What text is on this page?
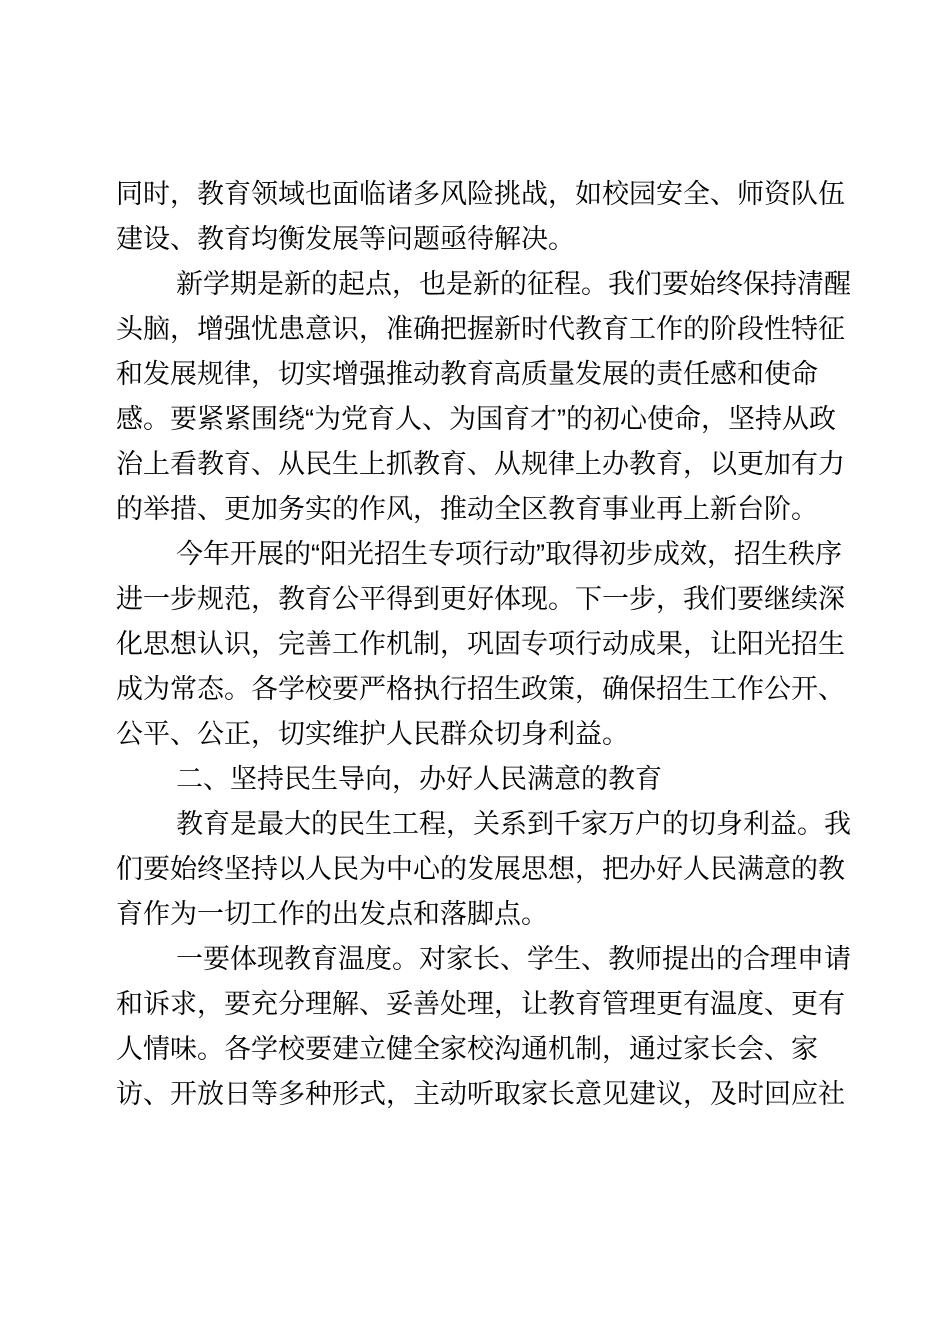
同时，教育领域也面临诸多风险挑战，如校园安全、师资队伍
建设、教育均衡发展等问题亟待解决。
新学期是新的起点，也是新的征程。我们要始终保持清醒
头脑，增强忧患意识，准确把握新时代教育工作的阶段性特征
和发展规律，切实增强推动教育高质量发展的责任感和使命
感。要紧紧围绕“为党育人、为国育才”的初心使命，坚持从政
治上看教育、从民生上抓教育、从规律上办教育，以更加有力
的举措、更加务实的作风，推动全区教育事业再上新台阶。
今年开展的“阳光招生专项行动”取得初步成效，招生秩序
进一步规范，教育公平得到更好体现。下一步，我们要继续深
化思想认识，完善工作机制，巩固专项行动成果，让阳光招生
成为常态。各学校要严格执行招生政策，确保招生工作公开、
公平、公正，切实维护人民群众切身利益。
二、坚持民生导向，办好人民满意的教育
教育是最大的民生工程，关系到千家万户的切身利益。我
们要始终坚持以人民为中心的发展思想，把办好人民满意的教
育作为一切工作的出发点和落脚点。
一要体现教育温度。对家长、学生、教师提出的合理申请
和诉求，要充分理解、妥善处理，让教育管理更有温度、更有
人情味。各学校要建立健全家校沟通机制，通过家长会、家
访、开放日等多种形式，主动听取家长意见建议，及时回应社
